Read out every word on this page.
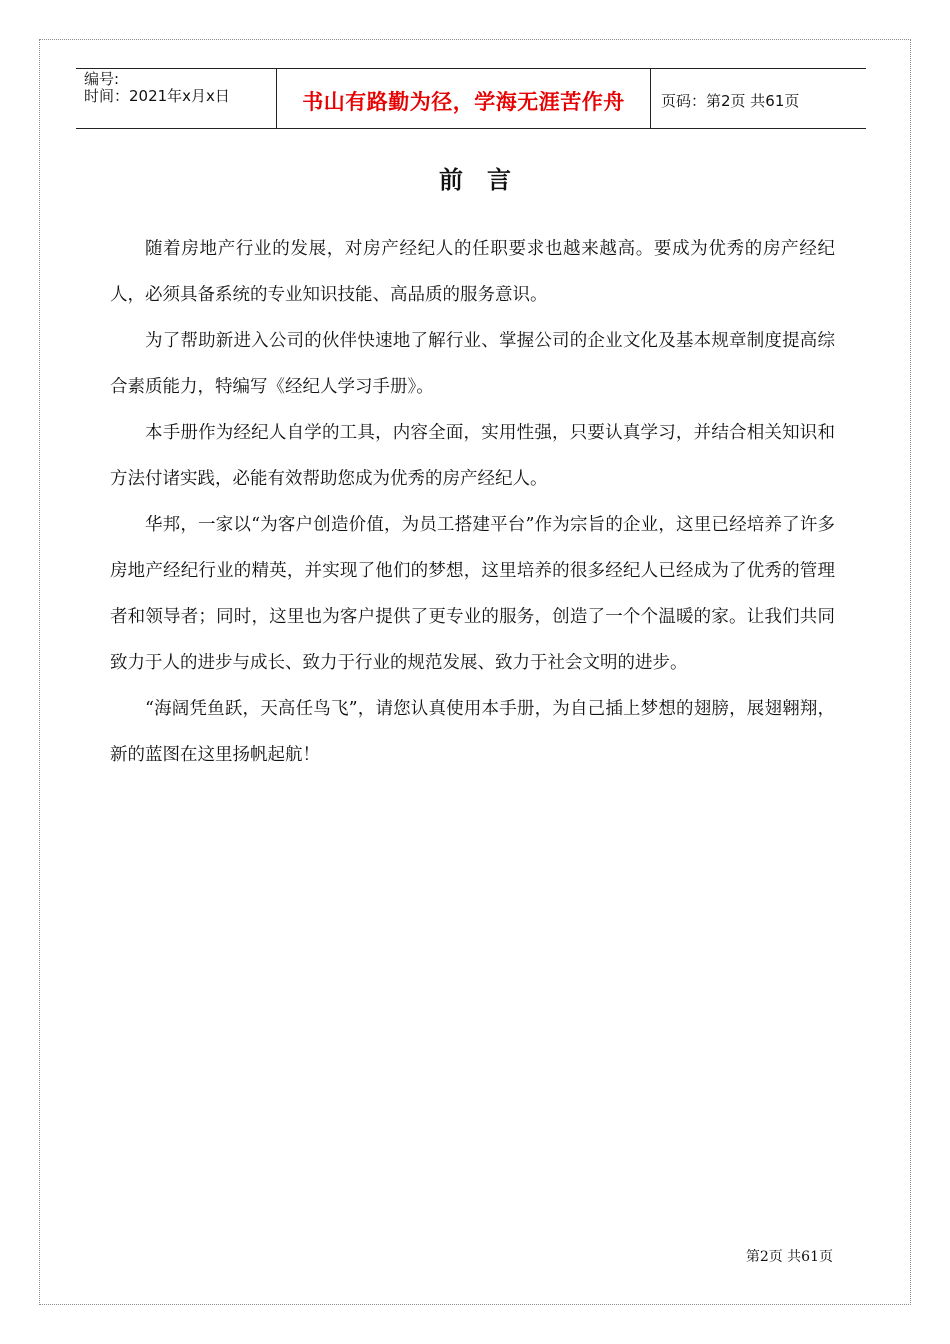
编号:
时间：2021年x月x日	书山有路勤为径，学海无涯苦作舟	页码：第2页 共61页
前言

随着房地产行业的发展，对房产经纪人的任职要求也越来越高。要成为优秀的房产经纪人，必须具备系统的专业知识技能、高品质的服务意识。

为了帮助新进入公司的伙伴快速地了解行业、掌握公司的企业文化及基本规章制度提高综合素质能力，特编写《经纪人学习手册》。

本手册作为经纪人自学的工具，内容全面，实用性强，只要认真学习，并结合相关知识和方法付诸实践，必能有效帮助您成为优秀的房产经纪人。

华邦，一家以“为客户创造价值，为员工搭建平台”作为宗旨的企业，这里已经培养了许多房地产经纪行业的精英，并实现了他们的梦想，这里培养的很多经纪人已经成为了优秀的管理者和领导者；同时，这里也为客户提供了更专业的服务，创造了一个个温暖的家。让我们共同致力于人的进步与成长、致力于行业的规范发展、致力于社会文明的进步。

“海阔凭鱼跃，天高任鸟飞”，请您认真使用本手册，为自己插上梦想的翅膀，展翅翱翔，新的蓝图在这里扬帆起航！

第2页 共61页
